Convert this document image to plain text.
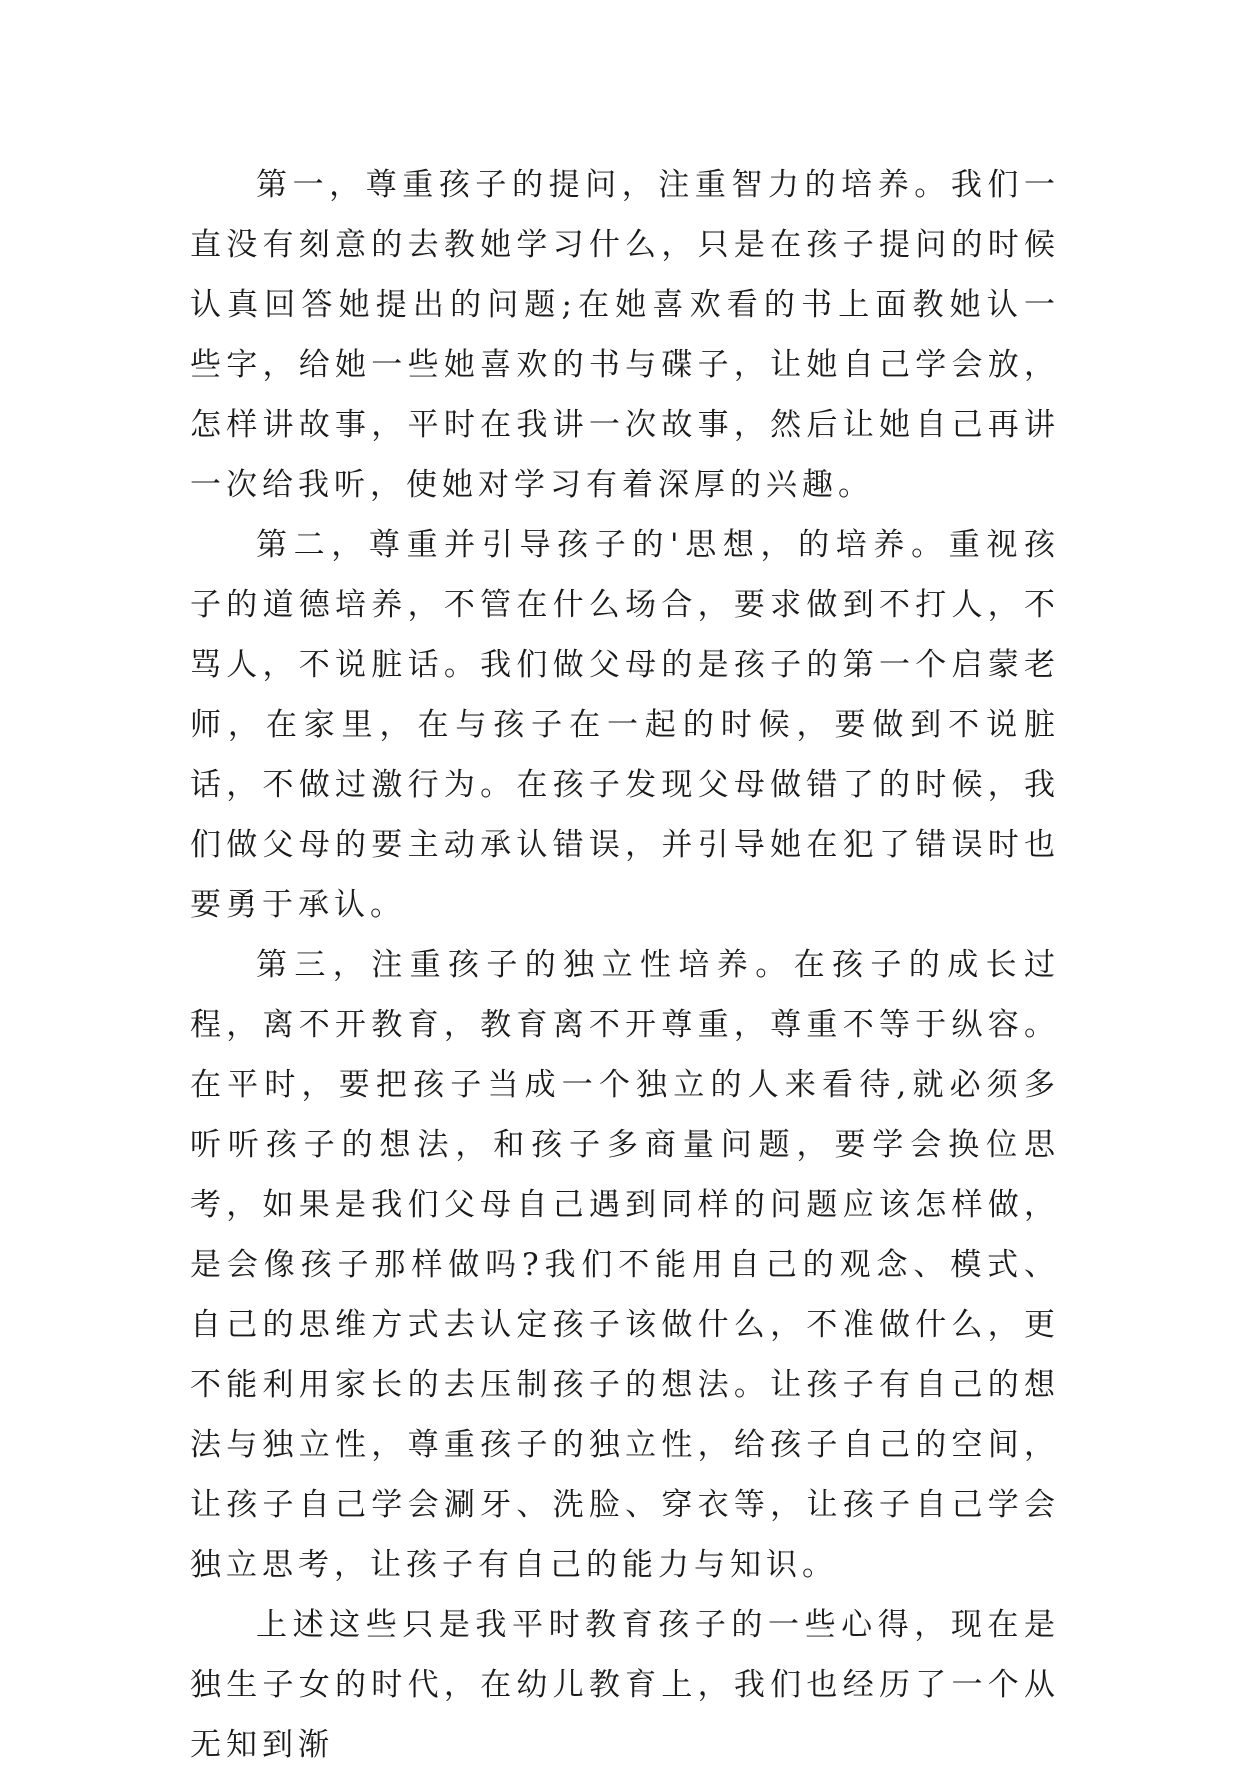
第一，尊重孩子的提问，注重智力的培养。我们一直没有刻意的去教她学习什么，只是在孩子提问的时候认真回答她提出的问题;在她喜欢看的书上面教她认一些字，给她一些她喜欢的书与碟子，让她自己学会放，怎样讲故事，平时在我讲一次故事，然后让她自己再讲一次给我听，使她对学习有着深厚的兴趣。

第二，尊重并引导孩子的'思想，的培养。重视孩子的道德培养，不管在什么场合，要求做到不打人，不骂人，不说脏话。我们做父母的是孩子的第一个启蒙老师，在家里，在与孩子在一起的时候，要做到不说脏话，不做过激行为。在孩子发现父母做错了的时候，我们做父母的要主动承认错误，并引导她在犯了错误时也要勇于承认。

第三，注重孩子的独立性培养。在孩子的成长过程，离不开教育，教育离不开尊重，尊重不等于纵容。在平时，要把孩子当成一个独立的人来看待,就必须多听听孩子的想法，和孩子多商量问题，要学会换位思考，如果是我们父母自己遇到同样的问题应该怎样做，是会像孩子那样做吗?我们不能用自己的观念、模式、自己的思维方式去认定孩子该做什么，不准做什么，更不能利用家长的去压制孩子的想法。让孩子有自己的想法与独立性，尊重孩子的独立性，给孩子自己的空间，让孩子自己学会涮牙、洗脸、穿衣等，让孩子自己学会独立思考，让孩子有自己的能力与知识。

上述这些只是我平时教育孩子的一些心得，现在是独生子女的时代，在幼儿教育上，我们也经历了一个从无知到渐
